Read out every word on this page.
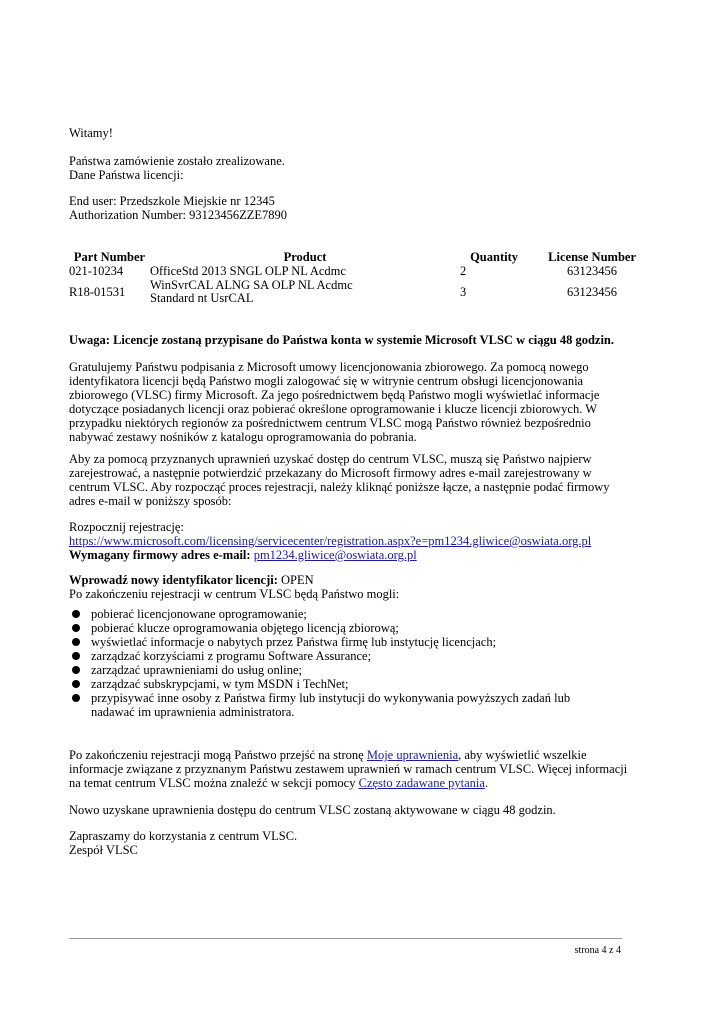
Witamy!

Państwa zamówienie zostało zrealizowane.

Dane Państwa licencji:

End user: Przedszkole Miejskie nr 12345

Authorization Number: 93123456ZZE7890

Part Number	Product	Quantity	License Number
021-10234	OfficeStd 2013 SNGL OLP NL Acdmc	2	63123456
R18-01531	WinSvrCAL ALNG SA OLP NL Acdmc
Standard nt UsrCAL	3	63123456

Uwaga: Licencje zostaną przypisane do Państwa konta w systemie Microsoft VLSC w ciągu 48 godzin.

Gratulujemy Państwu podpisania z Microsoft umowy licencjonowania zbiorowego. Za pomocą nowego

identyfikatora licencji będą Państwo mogli zalogować się w witrynie centrum obsługi licencjonowania

zbiorowego (VLSC) firmy Microsoft. Za jego pośrednictwem będą Państwo mogli wyświetlać informacje

dotyczące posiadanych licencji oraz pobierać określone oprogramowanie i klucze licencji zbiorowych. W

przypadku niektórych regionów za pośrednictwem centrum VLSC mogą Państwo również bezpośrednio

nabywać zestawy nośników z katalogu oprogramowania do pobrania.

Aby za pomocą przyznanych uprawnień uzyskać dostęp do centrum VLSC, muszą się Państwo najpierw

zarejestrować, a następnie potwierdzić przekazany do Microsoft firmowy adres e-mail zarejestrowany w

centrum VLSC. Aby rozpocząć proces rejestracji, należy kliknąć poniższe łącze, a następnie podać firmowy

adres e-mail w poniższy sposób:

Rozpocznij rejestrację:

https://www.microsoft.com/licensing/servicecenter/registration.aspx?e=pm1234.gliwice@oswiata.org.pl

Wymagany firmowy adres e-mail: pm1234.gliwice@oswiata.org.pl

Wprowadź nowy identyfikator licencji: OPEN

Po zakończeniu rejestracji w centrum VLSC będą Państwo mogli:

pobierać licencjonowane oprogramowanie;
pobierać klucze oprogramowania objętego licencją zbiorową;
wyświetlać informacje o nabytych przez Państwa firmę lub instytucję licencjach;
zarządzać korzyściami z programu Software Assurance;
zarządzać uprawnieniami do usług online;
zarządzać subskrypcjami, w tym MSDN i TechNet;
przypisywać inne osoby z Państwa firmy lub instytucji do wykonywania powyższych zadań lub nadawać im uprawnienia administratora.

Po zakończeniu rejestracji mogą Państwo przejść na stronę Moje uprawnienia, aby wyświetlić wszelkie

informacje związane z przyznanym Państwu zestawem uprawnień w ramach centrum VLSC. Więcej informacji

na temat centrum VLSC można znaleźć w sekcji pomocy Często zadawane pytania.

Nowo uzyskane uprawnienia dostępu do centrum VLSC zostaną aktywowane w ciągu 48 godzin.

Zapraszamy do korzystania z centrum VLSC.

Zespół VLSC

strona 4 z 4
